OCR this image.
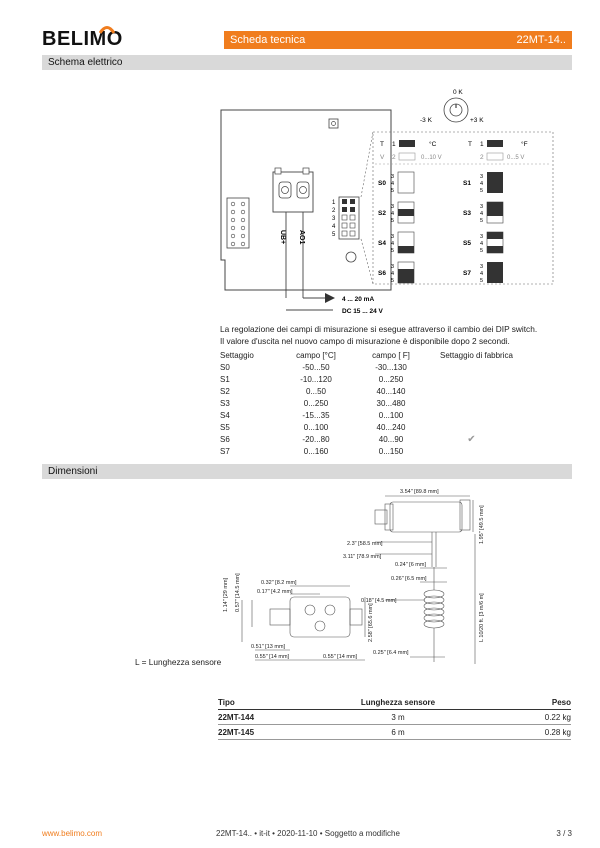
BELIMO	Scheda tecnica	22MT-14..
Schema elettrico
UB+ AO1
1
2
3
4
5
0 K
-3 K	+3 K
T 1	°C	T 1	°F
V 2	0...10 V	2	0...5 V
S0
3
4
5
S1
3
4
5
S2
3
4
5
S3
3
4
5
S4
3
4
5
S5
3
4
5
S6
3
4
5
S7
3
4
5
4 ... 20 mA
DC 15 ... 24 V
La regolazione dei campi di misurazione si esegue attraverso il cambio dei DIP switch.
Il valore d'uscita nel nuovo campo di misurazione è disponibile dopo 2 secondi.
Settaggio	campo [°C]	campo [ F]	Settaggio di fabbrica
S0	-50...50	-30...130	
S1	-10...120	0...250	
S2	0...50	40...140	
S3	0...250	30...480	
S4	-15...35	0...100	
S5	0...100	40...240	
S6	-20...80	40...90	✔
S7	0...160	0...150	
Dimensioni
3.54" [89.8 mm]
1.95" [49.5 mm]
2.3" [58.5 mm]
3.11" [78.9 mm]
0.24" [6 mm]
0.26" [6.5 mm]
0.18" [4.5 mm]	L 10/20 ft. [3 m/6 m]
0.25" [6.4 mm]
1.14" [29 mm] 0.57" [14.5 mm]	0.32" [8.2 mm]
0.17" [4.2 mm]
2.58" [65.6 mm]
0.51" [13 mm]
0.55" [14 mm]	0.55" [14 mm]
L = Lunghezza sensore
Tipo	Lunghezza sensore	Peso
22MT-144	3 m	0.22 kg
22MT-145	6 m	0.28 kg
www.belimo.com	22MT-14.. • it-it • 2020-11-10 • Soggetto a modifiche	3 / 3
